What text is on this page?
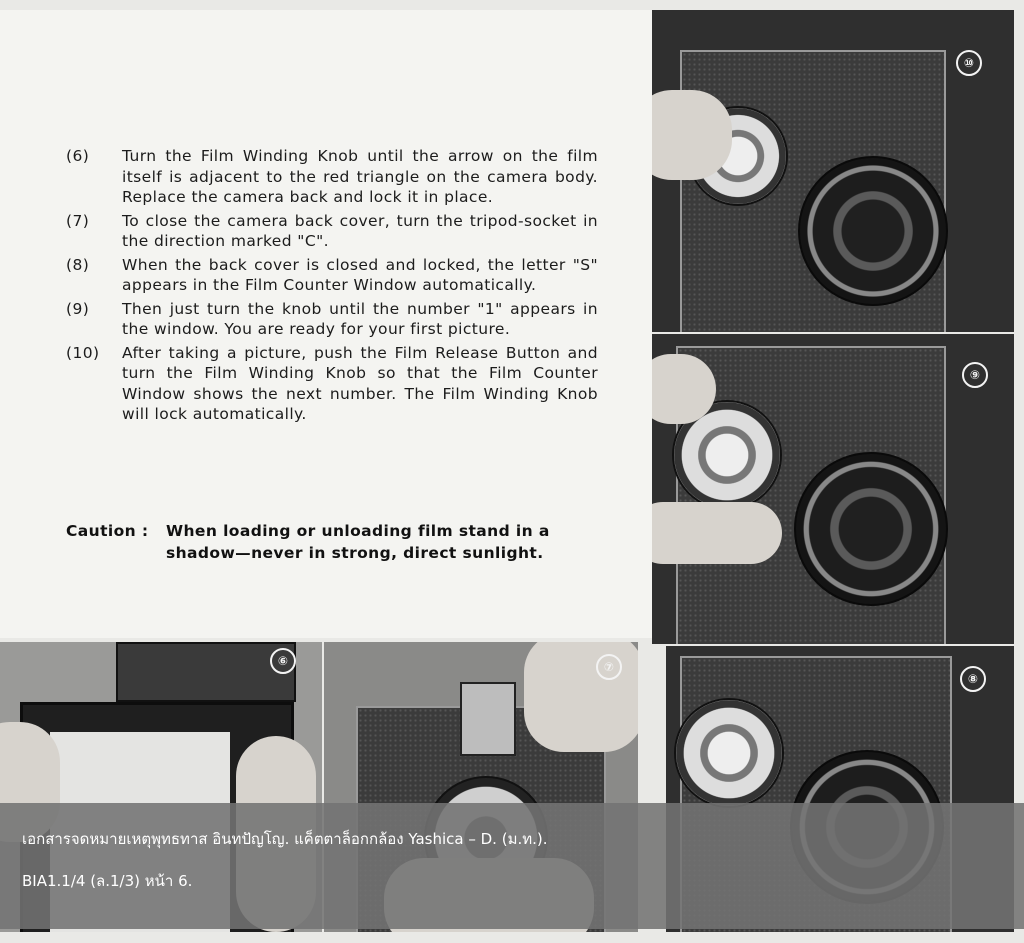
(6)	Turn the Film Winding Knob until the arrow on the film itself is adjacent to the red triangle on the camera body. Replace the camera back and lock it in place.
(7)	To close the camera back cover, turn the tripod-socket in the direction marked "C".
(8)	When the back cover is closed and locked, the letter "S" appears in the Film Counter Window automatically.
(9)	Then just turn the knob until the number "1" appears in the window. You are ready for your first picture.
(10)	After taking a picture, push the Film Release Button and turn the Film Winding Knob so that the Film Counter Window shows the next number. The Film Winding Knob will lock automatically.
Caution :	When loading or unloading film stand in a shadow—never in strong, direct sunlight.
⑩
⑨
⑧
⑦
⑥
เอกสารจดหมายเหตุพุทธทาส อินทปัญโญ. แค็ตตาล็อกกล้อง Yashica – D. (ม.ท.).
BIA1.1/4 (ล.1/3) หน้า 6.
